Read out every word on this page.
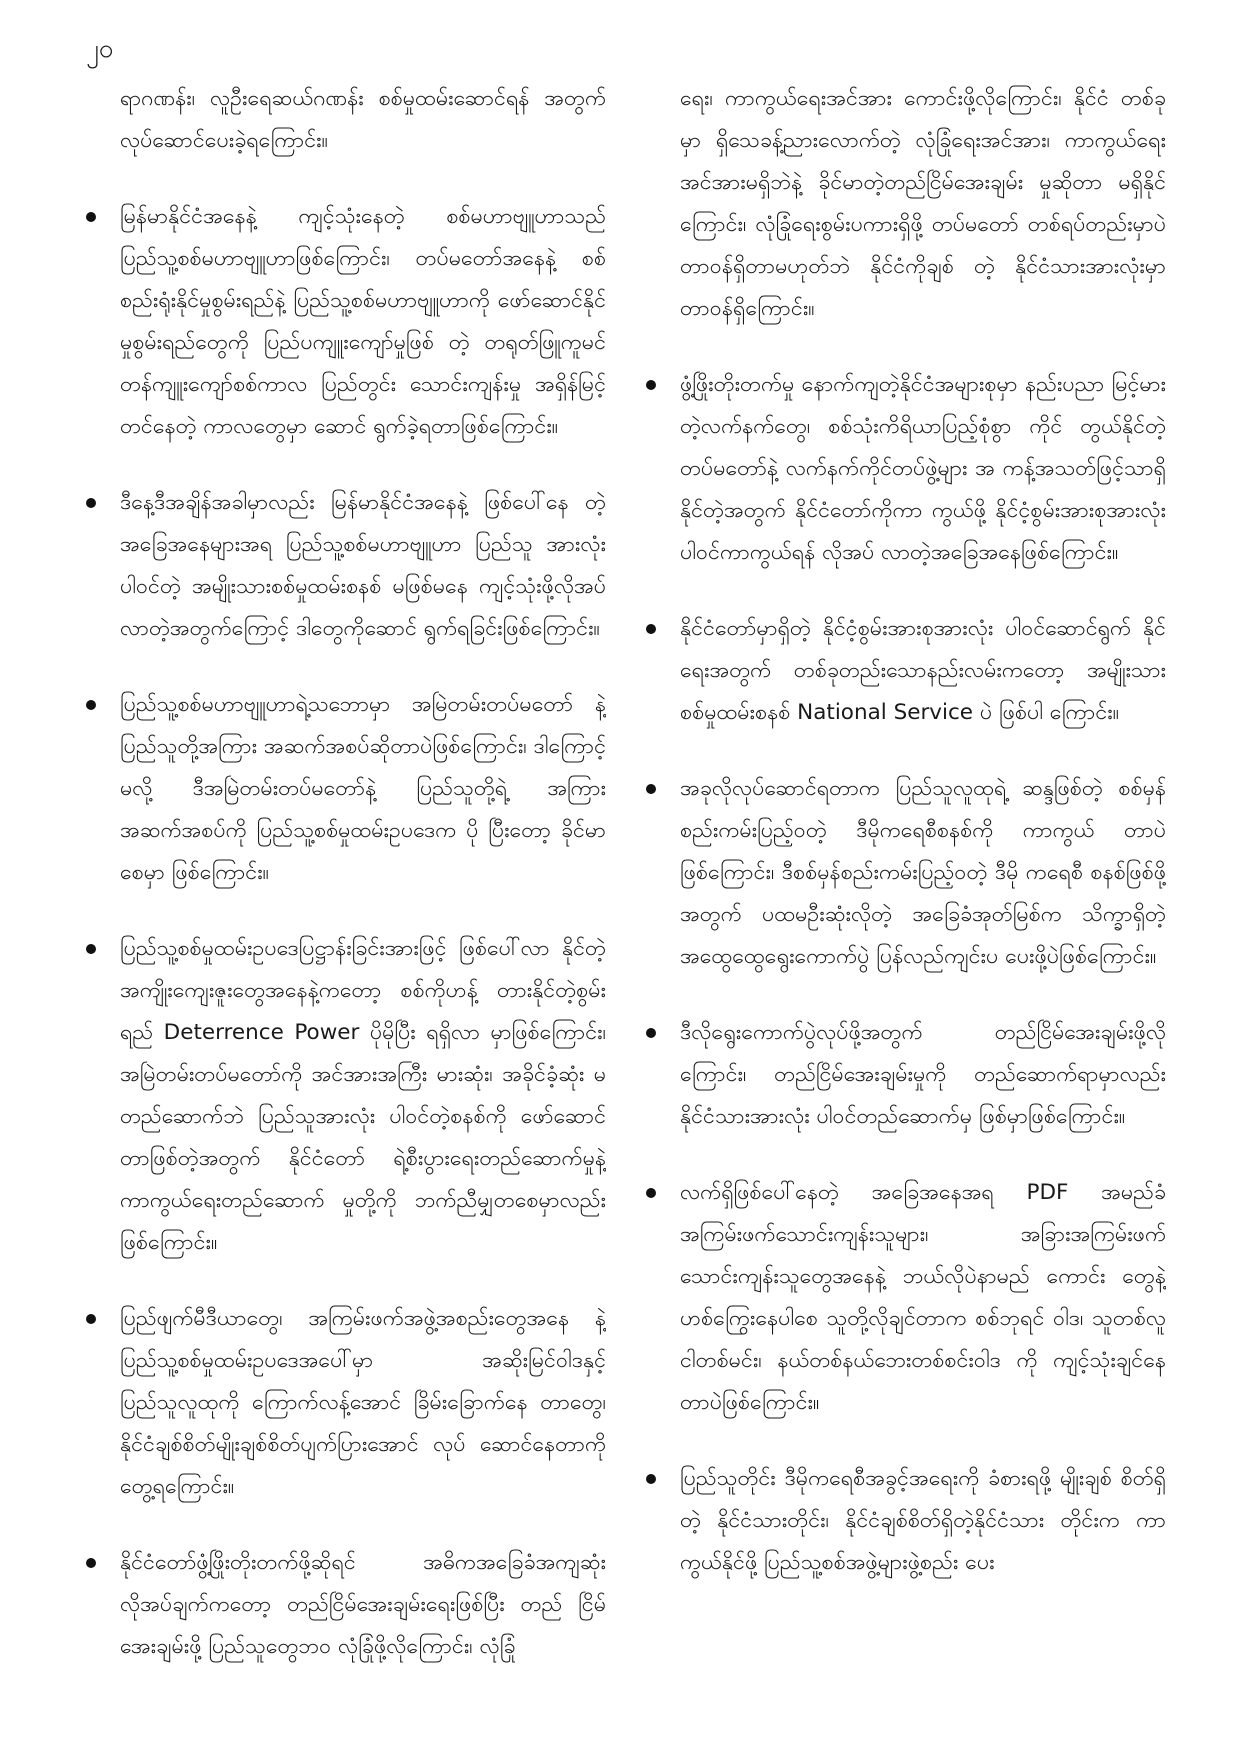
၂၀

ရာဂဏန်း၊ လူဦးရေဆယ်ဂဏန်း စစ်မှုထမ်းဆောင်ရန် အတွက် လုပ်ဆောင်ပေးခဲ့ရကြောင်း။

မြန်မာနိုင်ငံအနေနဲ့ ကျင့်သုံးနေတဲ့ စစ်မဟာဗျူဟာသည် ပြည်သူ့စစ်မဟာဗျူဟာဖြစ်ကြောင်း၊ တပ်မတော်အနေနဲ့ စစ်စည်းရုံးနိုင်မှုစွမ်းရည်နဲ့ ပြည်သူ့စစ်မဟာဗျူဟာကို ဖော်ဆောင်နိုင်မှုစွမ်းရည်တွေကို ပြည်ပကျူးကျော်မှုဖြစ် တဲ့ တရုတ်ဖြူကူမင်တန်ကျူးကျော်စစ်ကာလ ပြည်တွင်း သောင်းကျန်းမှု အရှိန်မြင့်တင်နေတဲ့ ကာလတွေမှာ ဆောင် ရွက်ခဲ့ရတာဖြစ်ကြောင်း။
ဒီနေ့ဒီအချိန်အခါမှာလည်း မြန်မာနိုင်ငံအနေနဲ့ ဖြစ်ပေါ်နေ တဲ့ အခြေအနေများအရ ပြည်သူ့စစ်မဟာဗျူဟာ ပြည်သူ အားလုံးပါဝင်တဲ့ အမျိုးသားစစ်မှုထမ်းစနစ် မဖြစ်မနေ ကျင့်သုံးဖို့လိုအပ်လာတဲ့အတွက်ကြောင့် ဒါတွေကိုဆောင် ရွက်ရခြင်းဖြစ်ကြောင်း။
ပြည်သူ့စစ်မဟာဗျူဟာရဲ့သဘောမှာ အမြဲတမ်းတပ်မတော် နဲ့ ပြည်သူတို့အကြား အဆက်အစပ်ဆိုတာပဲဖြစ်ကြောင်း၊ ဒါကြောင့်မလို့ ဒီအမြဲတမ်းတပ်မတော်နဲ့ ပြည်သူတို့ရဲ့ အကြား အဆက်အစပ်ကို ပြည်သူ့စစ်မှုထမ်းဥပဒေက ပို ပြီးတော့ ခိုင်မာစေမှာ ဖြစ်ကြောင်း။
ပြည်သူ့စစ်မှုထမ်းဥပဒေပြဋ္ဌာန်းခြင်းအားဖြင့် ဖြစ်ပေါ်လာ နိုင်တဲ့ အကျိုးကျေးဇူးတွေအနေနဲ့ကတော့ စစ်ကိုဟန့် တားနိုင်တဲ့စွမ်းရည် Deterrence Power ပိုမိုပြီး ရရှိလာ မှာဖြစ်ကြောင်း၊ အမြဲတမ်းတပ်မတော်ကို အင်အားအကြီး မားဆုံး၊ အခိုင်ခံ့ဆုံး မတည်ဆောက်ဘဲ ပြည်သူအားလုံး ပါဝင်တဲ့စနစ်ကို ဖော်ဆောင်တာဖြစ်တဲ့အတွက် နိုင်ငံတော် ရဲ့စီးပွားရေးတည်ဆောက်မှုနဲ့ ကာကွယ်ရေးတည်ဆောက် မှုတို့ကို ဘက်ညီမျှတစေမှာလည်းဖြစ်ကြောင်း။
ပြည်ဖျက်မီဒီယာတွေ၊ အကြမ်းဖက်အဖွဲ့အစည်းတွေအနေ နဲ့ ပြည်သူ့စစ်မှုထမ်းဥပဒေအပေါ်မှာ အဆိုးမြင်ဝါဒနှင့် ပြည်သူလူထုကို ကြောက်လန့်အောင် ခြိမ်းခြောက်နေ တာတွေ၊ နိုင်ငံချစ်စိတ်မျိုးချစ်စိတ်ပျက်ပြားအောင် လုပ် ဆောင်နေတာကို တွေ့ရကြောင်း။
နိုင်ငံတော်ဖွံ့ဖြိုးတိုးတက်ဖို့ဆိုရင် အဓိကအခြေခံအကျဆုံး လိုအပ်ချက်ကတော့ တည်ငြိမ်အေးချမ်းရေးဖြစ်ပြီး တည် ငြိမ်အေးချမ်းဖို့ ပြည်သူတွေဘဝ လုံခြုံဖို့လိုကြောင်း၊ လုံခြုံ

ရေး၊ ကာကွယ်ရေးအင်အား ကောင်းဖို့လိုကြောင်း၊ နိုင်ငံ တစ်ခုမှာ ရှိသေခန့်ညားလောက်တဲ့ လုံခြုံရေးအင်အား၊ ကာကွယ်ရေးအင်အားမရှိဘဲနဲ့ ခိုင်မာတဲ့တည်ငြိမ်အေးချမ်း မှုဆိုတာ မရှိနိုင်ကြောင်း၊ လုံခြုံရေးစွမ်းပကားရှိဖို့ တပ်မတော် တစ်ရပ်တည်းမှာပဲ တာဝန်ရှိတာမဟုတ်ဘဲ နိုင်ငံကိုချစ် တဲ့ နိုင်ငံသားအားလုံးမှာ တာဝန်ရှိကြောင်း။

ဖွံ့ဖြိုးတိုးတက်မှု နောက်ကျတဲ့နိုင်ငံအများစုမှာ နည်းပညာ မြင့်မားတဲ့လက်နက်တွေ၊ စစ်သုံးကိရိယာပြည့်စုံစွာ ကိုင် တွယ်နိုင်တဲ့တပ်မတော်နဲ့ လက်နက်ကိုင်တပ်ဖွဲ့များ အ ကန့်အသတ်ဖြင့်သာရှိနိုင်တဲ့အတွက် နိုင်ငံတော်ကိုကာ ကွယ်ဖို့ နိုင်ငံ့စွမ်းအားစုအားလုံး ပါဝင်ကာကွယ်ရန် လိုအပ် လာတဲ့အခြေအနေဖြစ်ကြောင်း။
နိုင်ငံတော်မှာရှိတဲ့ နိုင်ငံ့စွမ်းအားစုအားလုံး ပါဝင်ဆောင်ရွက် နိုင်ရေးအတွက် တစ်ခုတည်းသောနည်းလမ်းကတော့ အမျိုးသားစစ်မှုထမ်းစနစ် National Service ပဲ ဖြစ်ပါ ကြောင်း။
အခုလိုလုပ်ဆောင်ရတာက ပြည်သူလူထုရဲ့ ဆန္ဒဖြစ်တဲ့ စစ်မှန်စည်းကမ်းပြည့်ဝတဲ့ ဒီမိုကရေစီစနစ်ကို ကာကွယ် တာပဲဖြစ်ကြောင်း၊ ဒီစစ်မှန်စည်းကမ်းပြည့်ဝတဲ့ ဒီမို ကရေစီ စနစ်ဖြစ်ဖို့အတွက် ပထမဦးဆုံးလိုတဲ့ အခြေခံအုတ်မြစ်က သိက္ခာရှိတဲ့ အထွေထွေရွေးကောက်ပွဲ ပြန်လည်ကျင်းပ ပေးဖို့ပဲဖြစ်ကြောင်း။
ဒီလိုရွေးကောက်ပွဲလုပ်ဖို့အတွက် တည်ငြိမ်အေးချမ်းဖို့လို ကြောင်း၊ တည်ငြိမ်အေးချမ်းမှုကို တည်ဆောက်ရာမှာလည်း နိုင်ငံသားအားလုံး ပါဝင်တည်ဆောက်မှ ဖြစ်မှာဖြစ်ကြောင်း။
လက်ရှိဖြစ်ပေါ်နေတဲ့ အခြေအနေအရ PDF အမည်ခံ အကြမ်းဖက်သောင်းကျန်းသူများ၊ အခြားအကြမ်းဖက် သောင်းကျန်းသူတွေအနေနဲ့ ဘယ်လိုပဲနာမည် ကောင်း တွေနဲ့ ဟစ်ကြွေးနေပါစေ သူတို့လိုချင်တာက စစ်ဘုရင် ဝါဒ၊ သူတစ်လူ ငါတစ်မင်း၊ နယ်တစ်နယ်ဘေးတစ်စင်းဝါဒ ကို ကျင့်သုံးချင်နေတာပဲဖြစ်ကြောင်း။
ပြည်သူတိုင်း ဒီမိုကရေစီအခွင့်အရေးကို ခံစားရဖို့ မျိုးချစ် စိတ်ရှိတဲ့ နိုင်ငံသားတိုင်း၊ နိုင်ငံချစ်စိတ်ရှိတဲ့နိုင်ငံသား တိုင်းက ကာကွယ်နိုင်ဖို့ ပြည်သူ့စစ်အဖွဲ့များဖွဲ့စည်း ပေး
